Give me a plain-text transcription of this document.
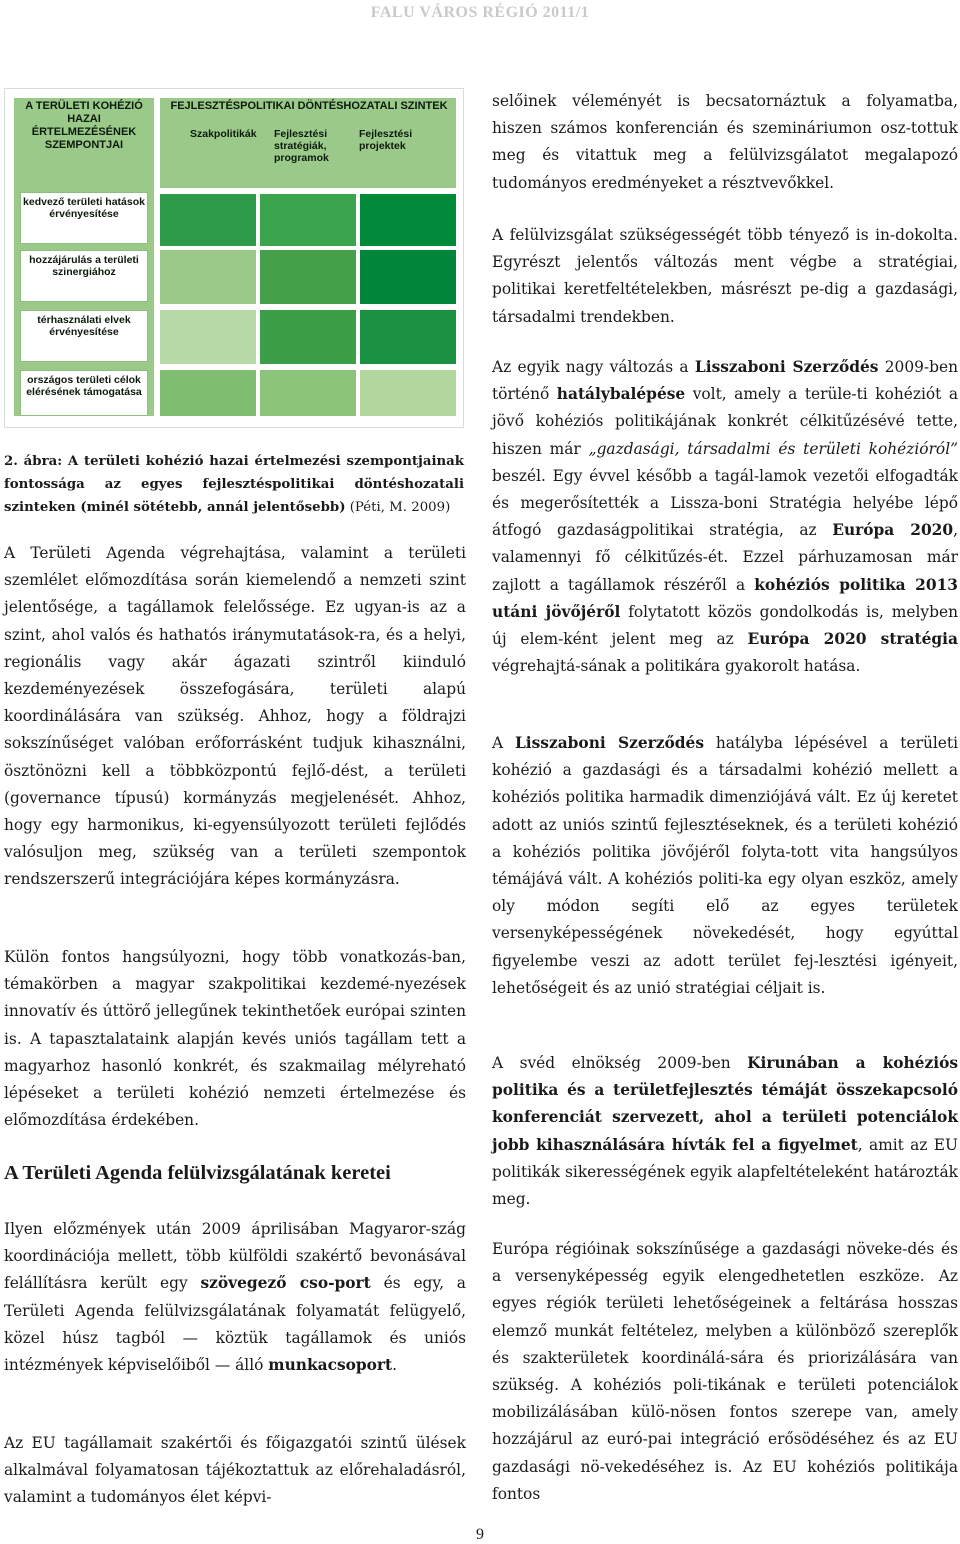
FALU VÁROS RÉGIÓ 2011/1
A TERÜLETI KOHÉZIÓ HAZAI ÉRTELMEZÉSÉNEK SZEMPONTJAI
FEJLESZTÉSPOLITIKAI DÖNTÉSHOZATALI SZINTEK
Szakpolitikák	Fejlesztési stratégiák, programok
Fejlesztési projektek
kedvező területi hatások érvényesítése
hozzájárulás a területi szinergiához
térhasználati elvek érvényesítése
országos területi célok elérésének támogatása
2. ábra: A területi kohézió hazai értelmezési szempontjainak fontossága az egyes fejlesztéspolitikai döntéshozatali szinteken (minél sötétebb, annál jelentősebb) (Péti, M. 2009)

A Területi Agenda végrehajtása, valamint a területi szemlélet előmozdítása során kiemelendő a nemzeti szint jelentősége, a tagállamok felelőssége. Ez ugyan-is az a szint, ahol valós és hathatós iránymutatások-ra, és a helyi, regionális vagy akár ágazati szintről kiinduló kezdeményezések összefogására, területi alapú koordinálására van szükség. Ahhoz, hogy a földrajzi sokszínűséget valóban erőforrásként tudjuk kihasználni, ösztönözni kell a többközpontú fejlő-dést, a területi (governance típusú) kormányzás megjelenését. Ahhoz, hogy egy harmonikus, ki-egyensúlyozott területi fejlődés valósuljon meg, szükség van a területi szempontok rendszerszerű integrációjára képes kormányzásra.

Külön fontos hangsúlyozni, hogy több vonatkozás-ban, témakörben a magyar szakpolitikai kezdemé-nyezések innovatív és úttörő jellegűnek tekinthetőek európai szinten is. A tapasztalataink alapján kevés uniós tagállam tett a magyarhoz hasonló konkrét, és szakmailag mélyreható lépéseket a területi kohézió nemzeti értelmezése és előmozdítása érdekében.

A Területi Agenda felülvizsgálatának keretei

Ilyen előzmények után 2009 áprilisában Magyaror-szág koordinációja mellett, több külföldi szakértő bevonásával felállításra került egy szövegező cso-port és egy, a Területi Agenda felülvizsgálatának folyamatát felügyelő, közel húsz tagból — köztük tagállamok és uniós intézmények képviselőiből — álló munkacsoport.

Az EU tagállamait szakértői és főigazgatói szintű ülések alkalmával folyamatosan tájékoztattuk az előrehaladásról, valamint a tudományos élet képvi-

selőinek véleményét is becsatornáztuk a folyamatba, hiszen számos konferencián és szemináriumon osz-tottuk meg és vitattuk meg a felülvizsgálatot megalapozó tudományos eredményeket a résztvevőkkel.

A felülvizsgálat szükségességét több tényező is in-dokolta. Egyrészt jelentős változás ment végbe a stratégiai, politikai keretfeltételekben, másrészt pe-dig a gazdasági, társadalmi trendekben.

Az egyik nagy változás a Lisszaboni Szerződés 2009-ben történő hatálybalépése volt, amely a terüle-ti kohéziót a jövő kohéziós politikájának konkrét célkitűzésévé tette, hiszen már „gazdasági, társadalmi és területi kohézióról” beszél. Egy évvel később a tagál-lamok vezetői elfogadták és megerősítették a Lissza-boni Stratégia helyébe lépő átfogó gazdaságpolitikai stratégia, az Európa 2020, valamennyi fő célkitűzés-ét. Ezzel párhuzamosan már zajlott a tagállamok részéről a kohéziós politika 2013 utáni jövőjéről folytatott közös gondolkodás is, melyben új elem-ként jelent meg az Európa 2020 stratégia végrehajtá-sának a politikára gyakorolt hatása.

A Lisszaboni Szerződés hatályba lépésével a területi kohézió a gazdasági és a társadalmi kohézió mellett a kohéziós politika harmadik dimenziójává vált. Ez új keretet adott az uniós szintű fejlesztéseknek, és a területi kohézió a kohéziós politika jövőjéről folyta-tott vita hangsúlyos témájává vált. A kohéziós politi-ka egy olyan eszköz, amely oly módon segíti elő az egyes területek versenyképességének növekedését, hogy egyúttal figyelembe veszi az adott terület fej-lesztési igényeit, lehetőségeit és az unió stratégiai céljait is.

A svéd elnökség 2009-ben Kirunában a kohéziós politika és a területfejlesztés témáját összekapcsoló konferenciát szervezett, ahol a területi potenciálok jobb kihasználására hívták fel a figyelmet, amit az EU politikák sikerességének egyik alapfeltételeként határozták meg.

Európa régióinak sokszínűsége a gazdasági növeke-dés és a versenyképesség egyik elengedhetetlen eszköze. Az egyes régiók területi lehetőségeinek a feltárása hosszas elemző munkát feltételez, melyben a különböző szereplők és szakterületek koordinálá-sára és priorizálására van szükség. A kohéziós poli-tikának e területi potenciálok mobilizálásában külö-nösen fontos szerepe van, amely hozzájárul az euró-pai integráció erősödéséhez és az EU gazdasági nö-vekedéséhez is. Az EU kohéziós politikája fontos

9
